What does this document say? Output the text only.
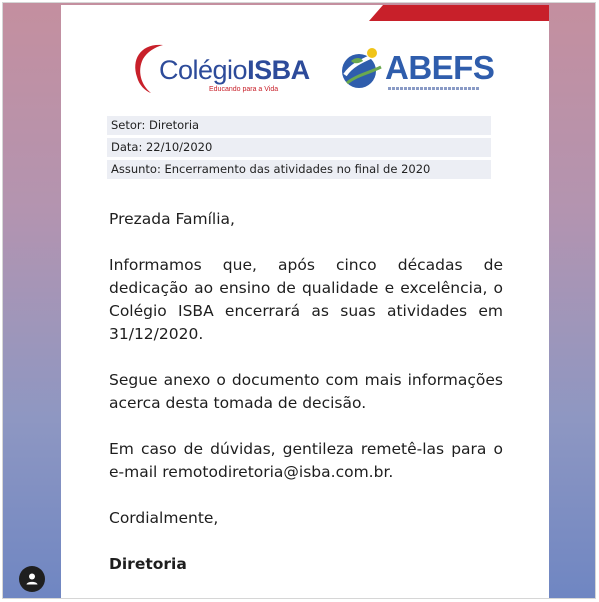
ColégioISBA
Educando para a Vida
ABEFS
Setor: Diretoria
Data: 22/10/2020
Assunto: Encerramento das atividades no final de 2020

Prezada Família,

Informamos que, após cinco décadas de dedicação ao ensino de qualidade e excelência, o Colégio ISBA encerrará as suas atividades em 31/12/2020.

Segue anexo o documento com mais informações acerca desta tomada de decisão.

Em caso de dúvidas, gentileza remetê-las para o e-mail remotodiretoria@isba.com.br.

Cordialmente,

Diretoria
